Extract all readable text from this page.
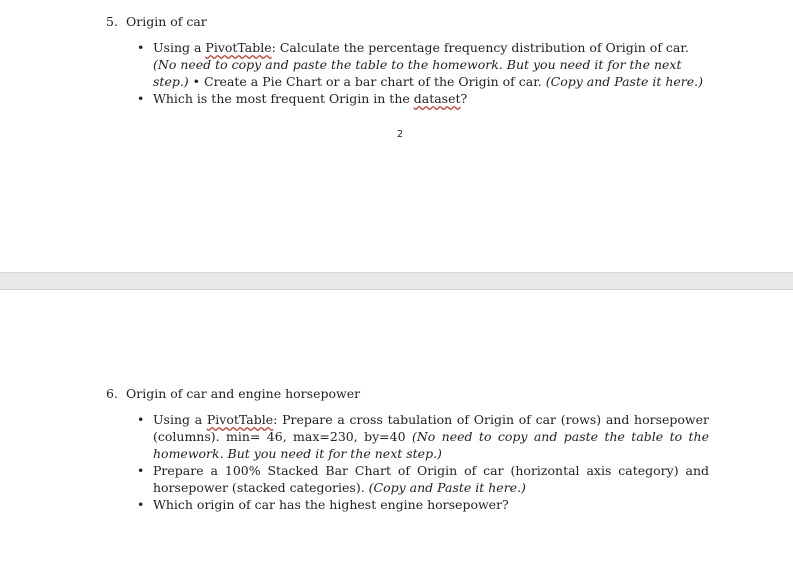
5. Origin of car
• Using a PivotTable: Calculate the percentage frequency distribution of Origin of car. (No need to copy and paste the table to the homework. But you need it for the next step.) • Create a Pie Chart or a bar chart of the Origin of car. (Copy and Paste it here.)
• Which is the most frequent Origin in the dataset?
2
6. Origin of car and engine horsepower
• Using a PivotTable: Prepare a cross tabulation of Origin of car (rows) and horsepower (columns). min= 46, max=230, by=40 (No need to copy and paste the table to the homework. But you need it for the next step.)
• Prepare a 100% Stacked Bar Chart of Origin of car (horizontal axis category) and horsepower (stacked categories). (Copy and Paste it here.)
• Which origin of car has the highest engine horsepower?
